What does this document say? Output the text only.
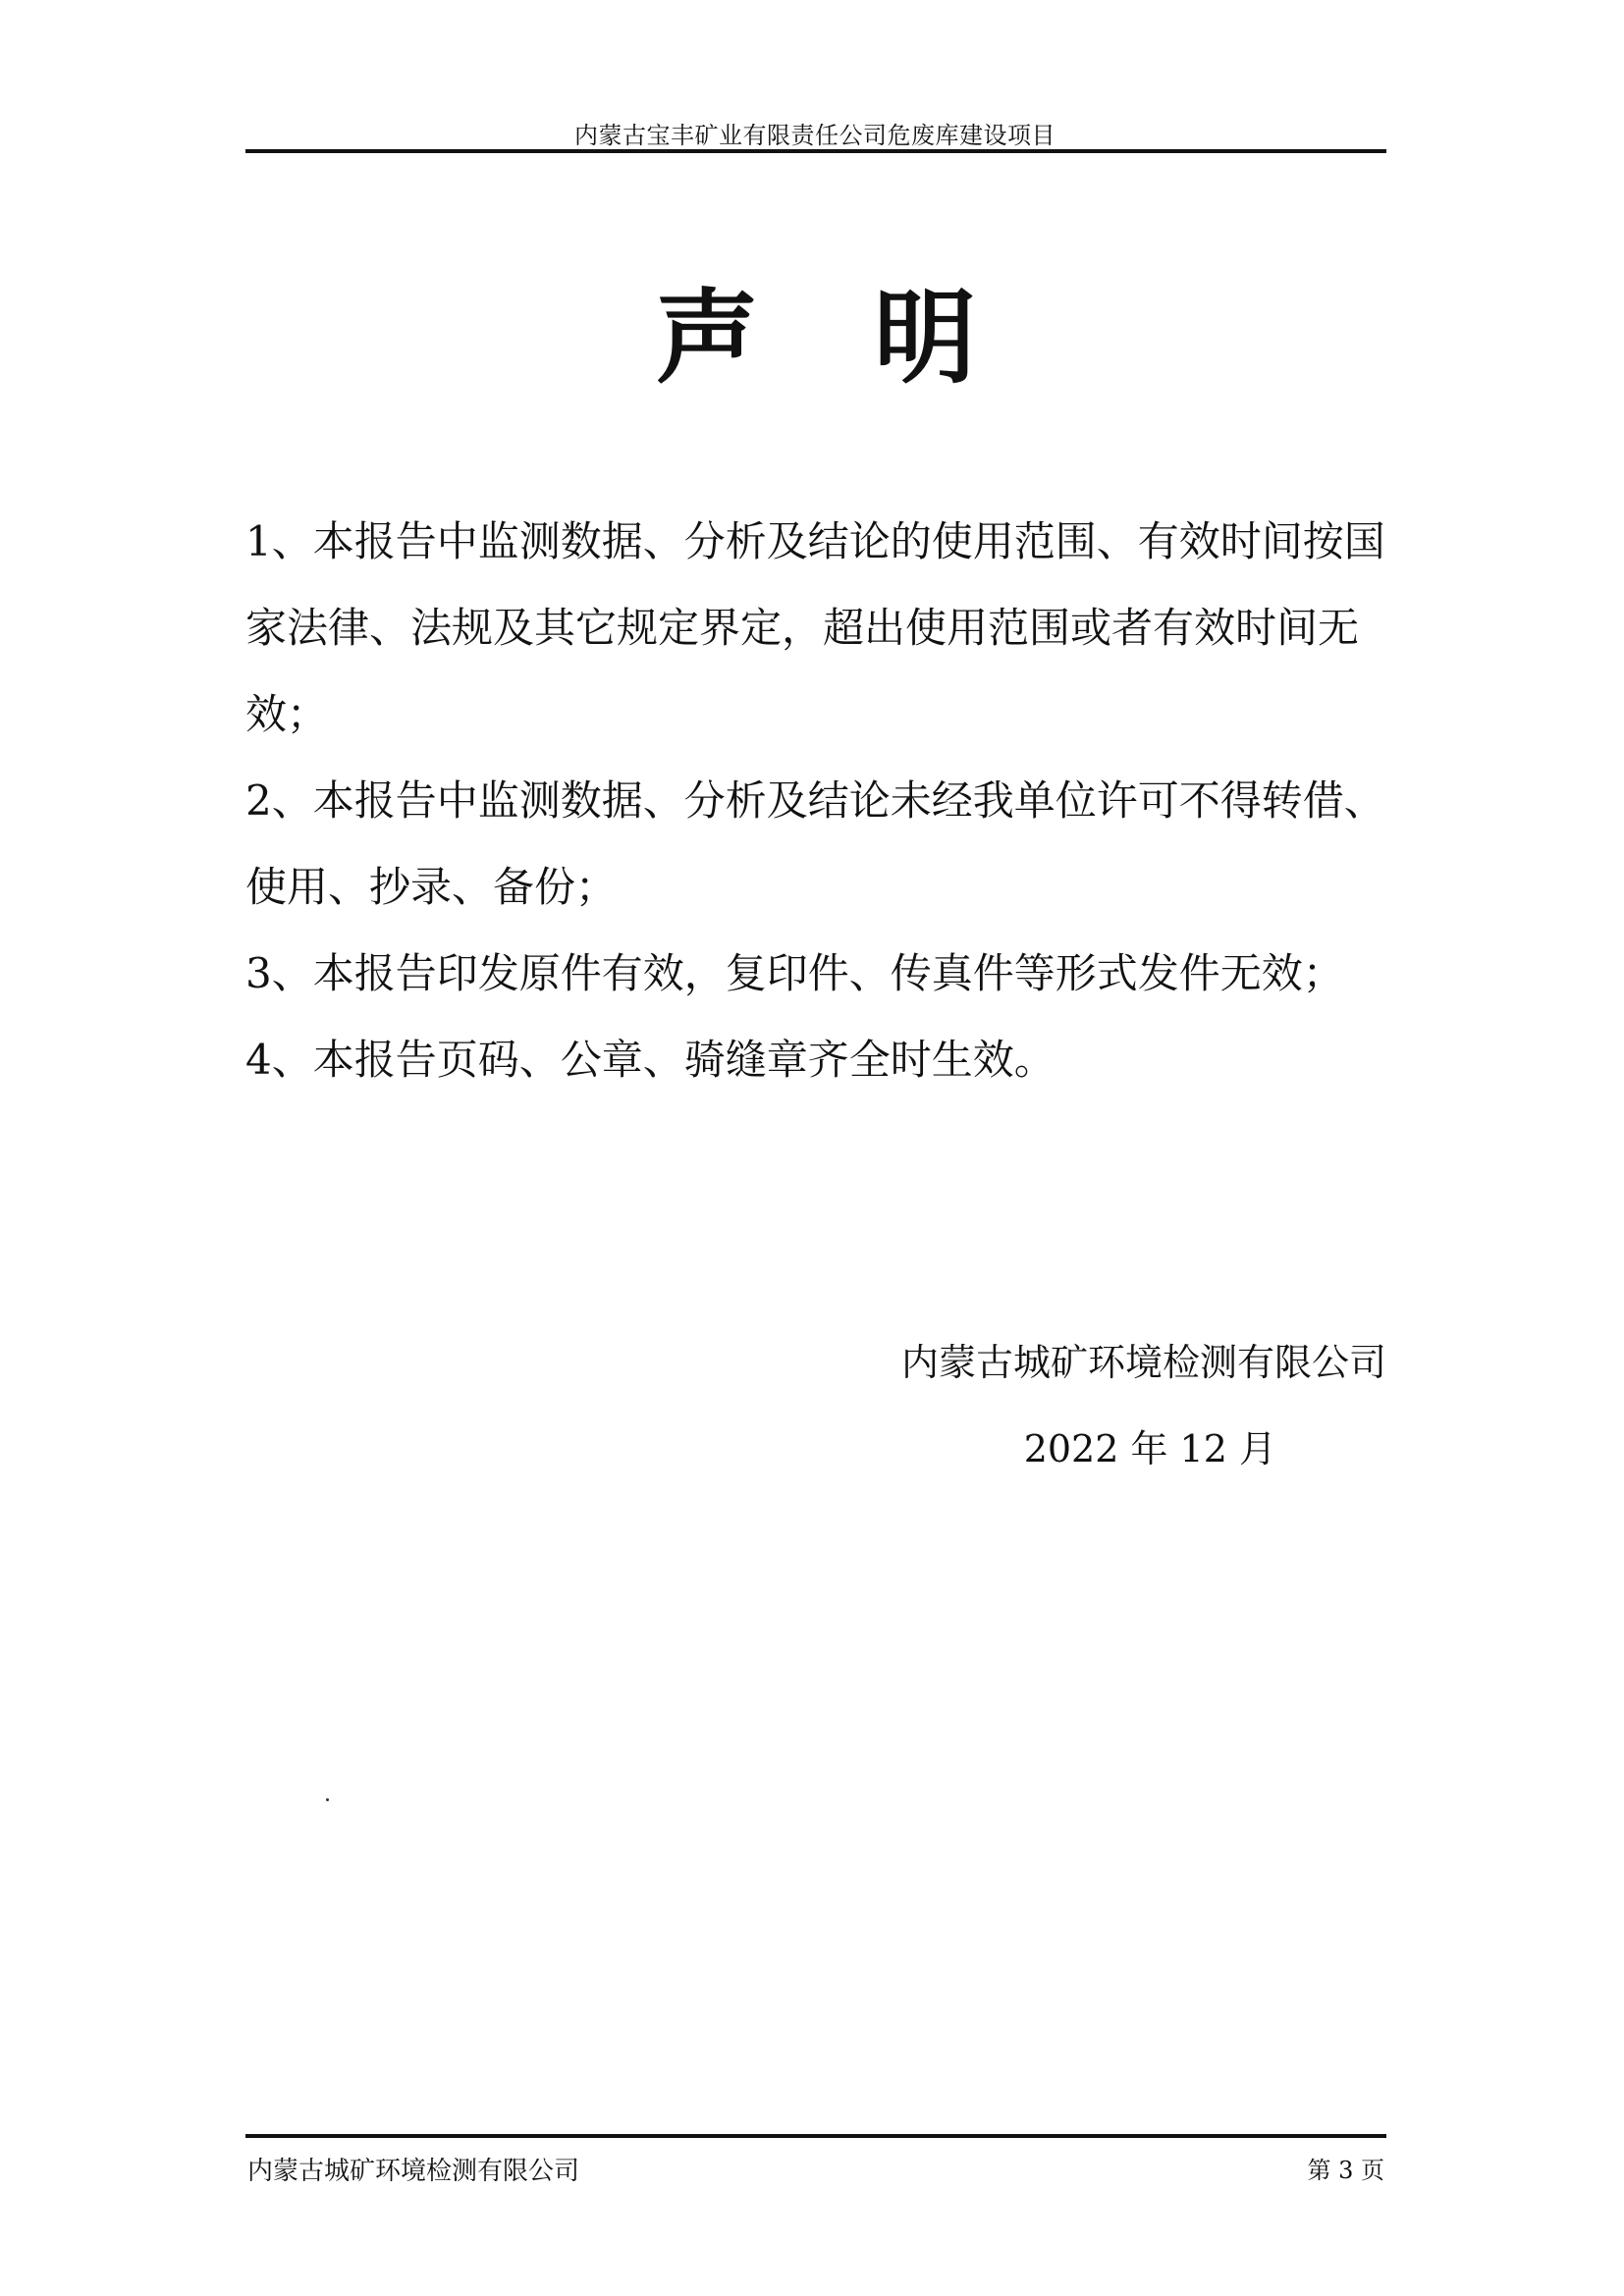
内蒙古宝丰矿业有限责任公司危废库建设项目
声 明
1、本报告中监测数据、分析及结论的使用范围、有效时间按国家法律、法规及其它规定界定，超出使用范围或者有效时间无效；
2、本报告中监测数据、分析及结论未经我单位许可不得转借、使用、抄录、备份；
3、本报告印发原件有效，复印件、传真件等形式发件无效；
4、本报告页码、公章、骑缝章齐全时生效。
内蒙古城矿环境检测有限公司
2022 年 12 月
内蒙古城矿环境检测有限公司	第 3 页
